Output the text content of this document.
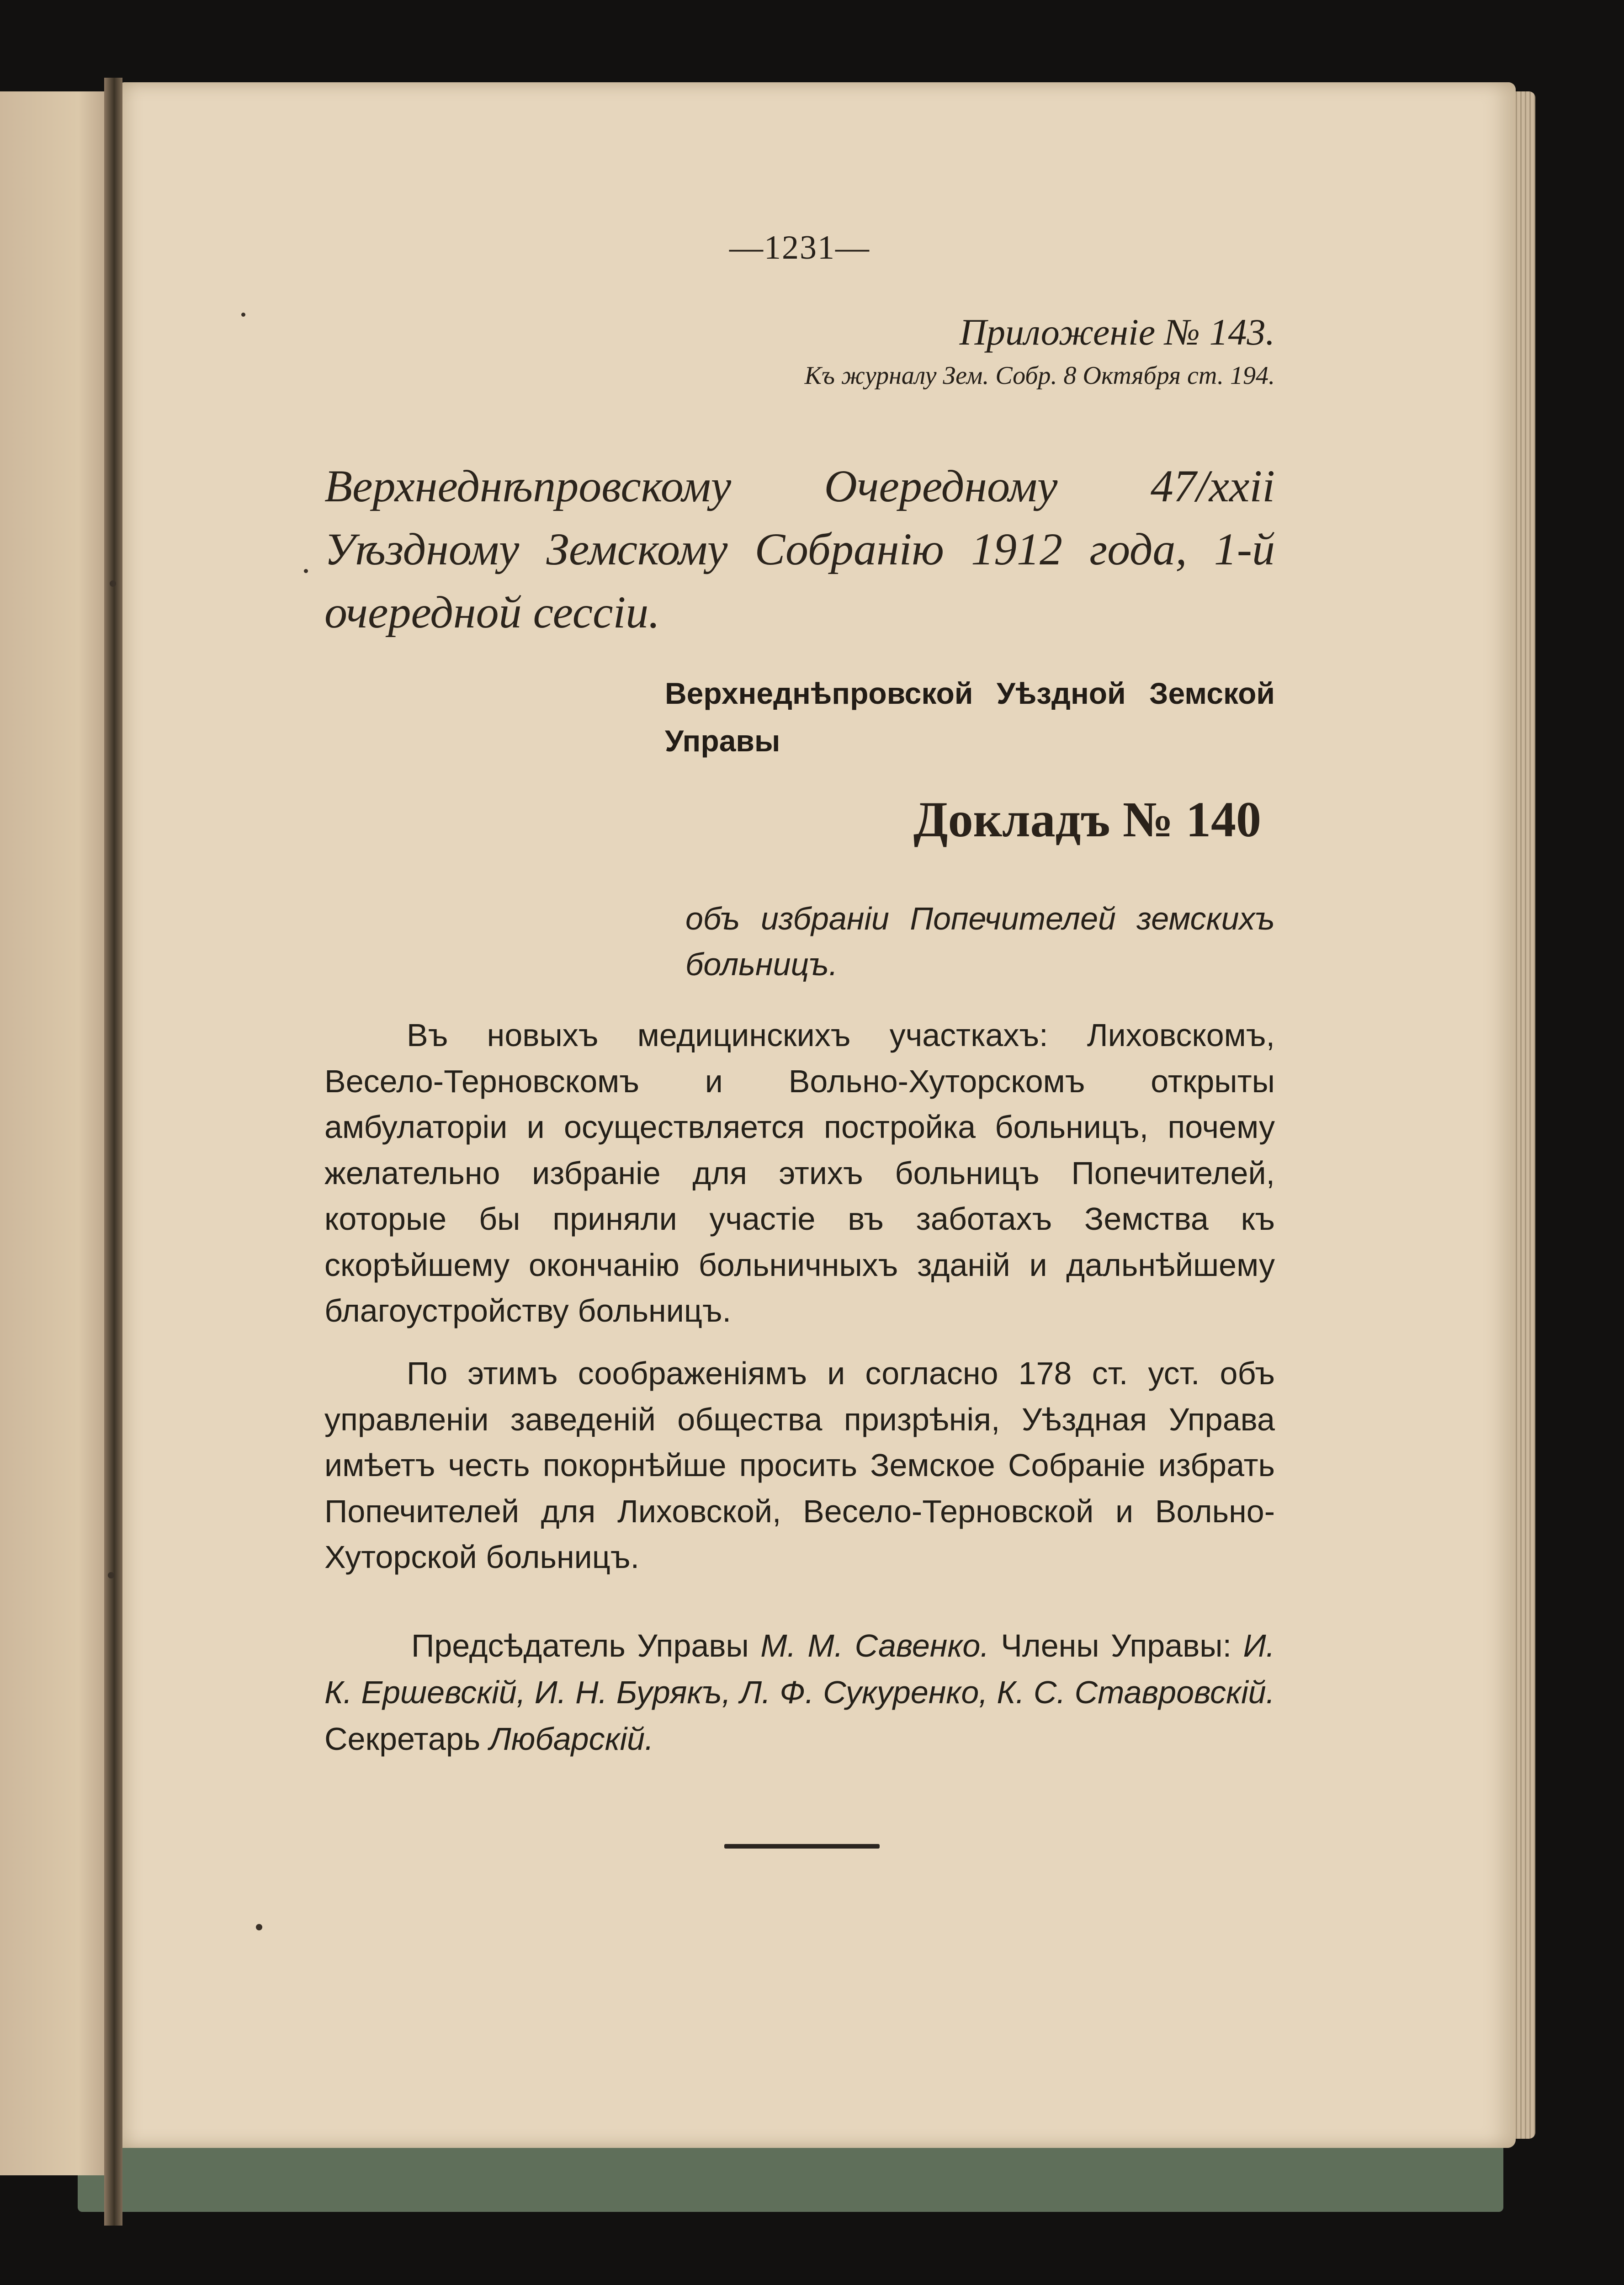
—1231—
Приложенiе № 143.
Къ журналу Зем. Собр. 8 Октября ст. 194.
Верхнеднѣпровскому Очередному 47/xxii Уѣздному Земскому Собранiю 1912 года, 1-й очередной сессiи.
Верхнеднѣпровской Уѣздной Земской Управы
Докладъ № 140
объ избранiи Попечителей земскихъ больницъ.
Въ новыхъ медицинскихъ участкахъ: Лиховскомъ, Весело-Терновскомъ и Вольно-Хуторскомъ открыты амбулаторiи и осуществляется постройка больницъ, почему желательно избранiе для этихъ больницъ Попечителей, которые бы приняли участiе въ заботахъ Земства къ скорѣйшему окончанiю больничныхъ зданiй и дальнѣйшему благоустройству больницъ.
По этимъ соображенiямъ и согласно 178 ст. уст. объ управленiи заведенiй общества призрѣнiя, Уѣздная Управа имѣетъ честь покорнѣйше просить Земское Собранiе избрать Попечителей для Лиховской, Весело-Терновской и Вольно-Хуторской больницъ.
Предсѣдатель Управы М. М. Савенко. Члены Управы: И. К. Ершевскiй, И. Н. Бурякъ, Л. Ф. Сукуренко, К. С. Ставровскiй. Секретарь Любарскiй.
